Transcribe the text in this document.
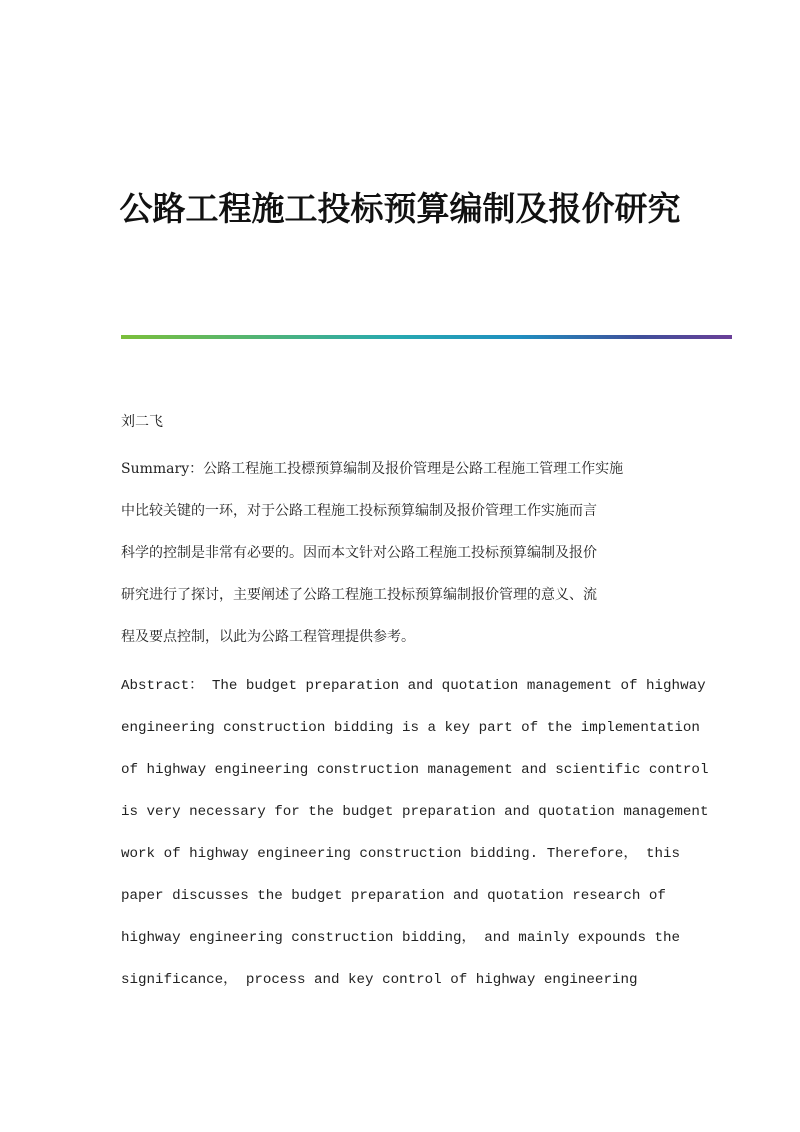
公路工程施工投标预算编制及报价研究

刘二飞

Summary：公路工程施工投標预算编制及报价管理是公路工程施工管理工作实施
中比较关键的一环，对于公路工程施工投标预算编制及报价管理工作实施而言
科学的控制是非常有必要的。因而本文针对公路工程施工投标预算编制及报价
研究进行了探讨，主要阐述了公路工程施工投标预算编制报价管理的意义、流
程及要点控制，以此为公路工程管理提供参考。
Abstract： The budget preparation and quotation management of highway
engineering construction bidding is a key part of the implementation
of highway engineering construction management and scientific control
is very necessary for the budget preparation and quotation management
work of highway engineering construction bidding. Therefore， this
paper discusses the budget preparation and quotation research of
highway engineering construction bidding， and mainly expounds the
significance， process and key control of highway engineering
